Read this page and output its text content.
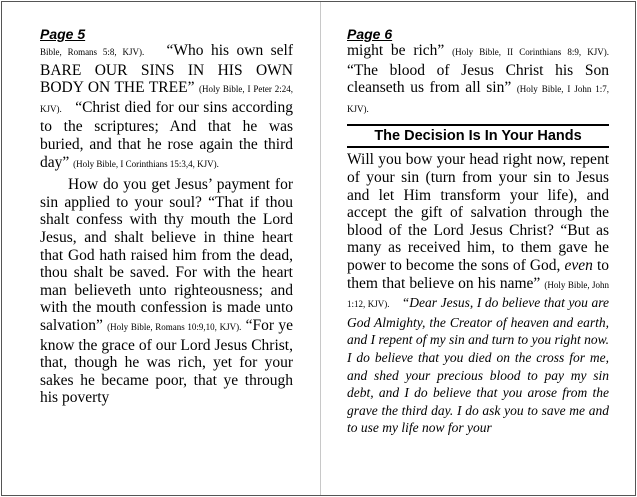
Page 5

Bible, Romans 5:8, KJV). “Who his own self BARE OUR SINS IN HIS OWN BODY ON THE TREE” (Holy Bible, I Peter 2:24, KJV). “Christ died for our sins according to the scriptures; And that he was buried, and that he rose again the third day” (Holy Bible, I Corinthians 15:3,4, KJV).

How do you get Jesus’ payment for sin applied to your soul? “That if thou shalt confess with thy mouth the Lord Jesus, and shalt believe in thine heart that God hath raised him from the dead, thou shalt be saved. For with the heart man believeth unto righteousness; and with the mouth confession is made unto salvation” (Holy Bible, Romans 10:9,10, KJV). “For ye know the grace of our Lord Jesus Christ, that, though he was rich, yet for your sakes he became poor, that ye through his poverty

Page 6

might be rich” (Holy Bible, II Corinthians 8:9, KJV). “The blood of Jesus Christ his Son cleanseth us from all sin” (Holy Bible, I John 1:7, KJV).

The Decision Is In Your Hands

Will you bow your head right now, repent of your sin (turn from your sin to Jesus and let Him transform your life), and accept the gift of salvation through the blood of the Lord Jesus Christ? “But as many as received him, to them gave he power to become the sons of God, even to them that believe on his name” (Holy Bible, John 1:12, KJV). “Dear Jesus, I do believe that you are God Almighty, the Creator of heaven and earth, and I repent of my sin and turn to you right now. I do believe that you died on the cross for me, and shed your precious blood to pay my sin debt, and I do believe that you arose from the grave the third day. I do ask you to save me and to use my life now for your
